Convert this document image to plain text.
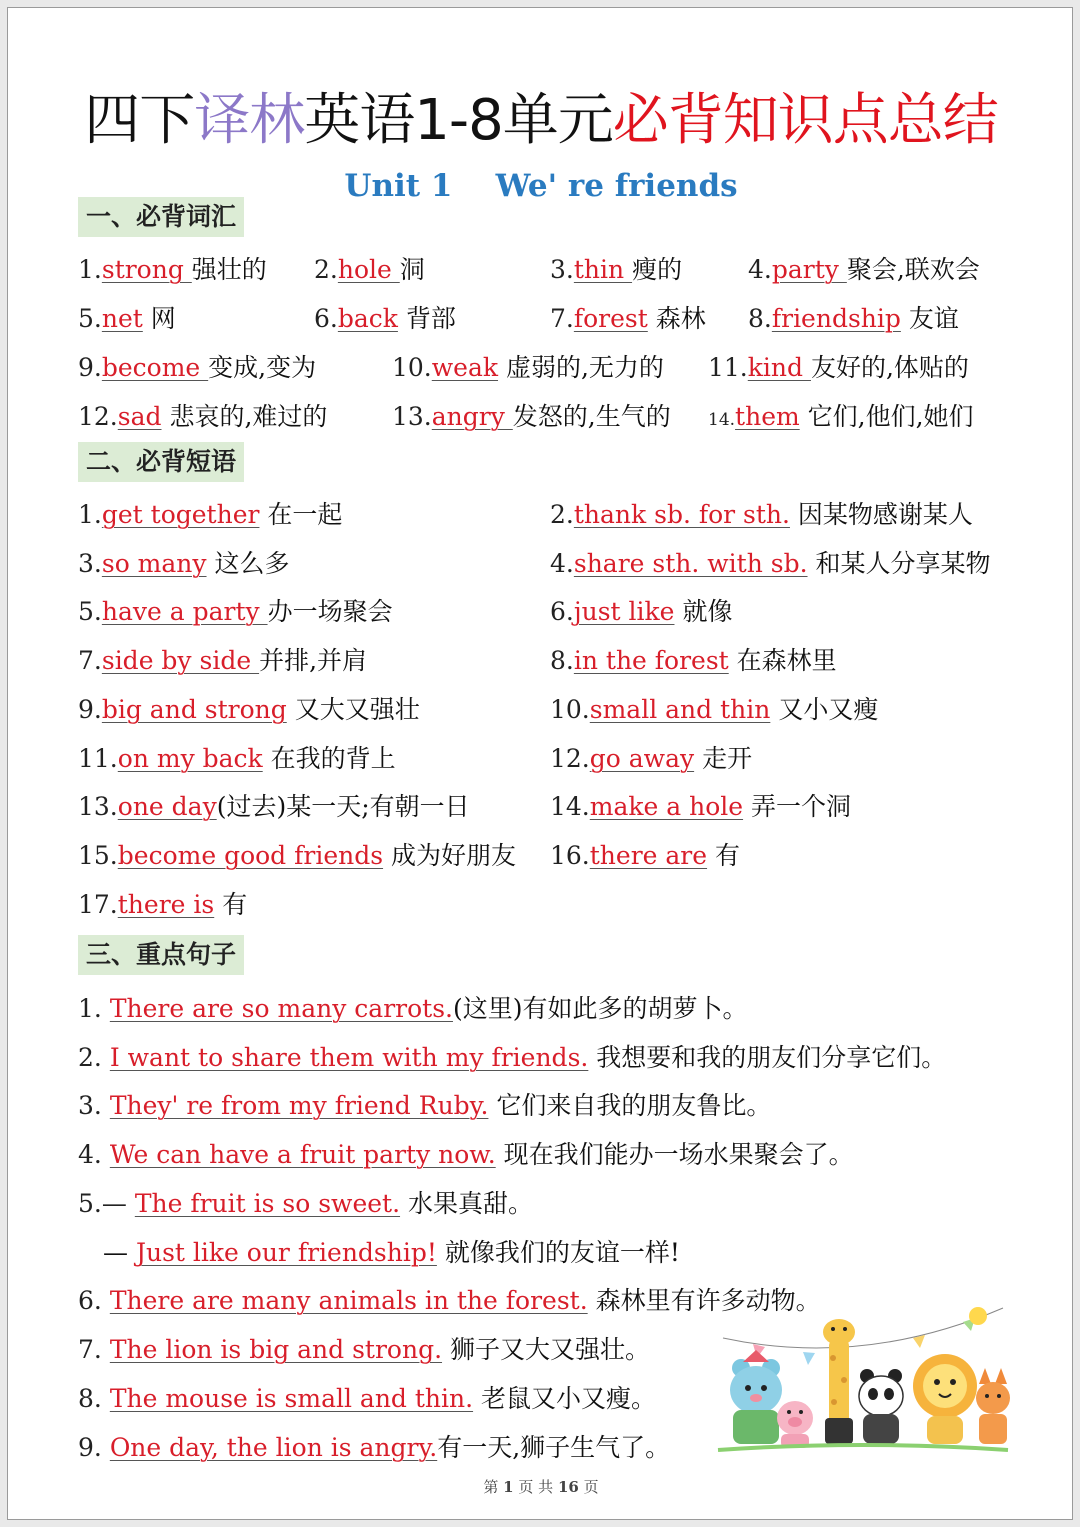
四下译林英语1-8单元必背知识点总结
Unit 1    We' re friends
一、必背词汇
1.strong 强壮的 2.hole 洞	3.thin 瘦的	4.party 聚会,联欢会
5.net 网	6.back 背部	7.forest 森林 8.friendship 友谊
9.become 变成,变为	10.weak 虚弱的,无力的 11.kind 友好的,体贴的
12.sad 悲哀的,难过的	13.angry 发怒的,生气的 14.them 它们,他们,她们
二、必背短语
1.get together 在一起	2.thank sb. for sth. 因某物感谢某人
3.so many 这么多	4.share sth. with sb. 和某人分享某物
5.have a party 办一场聚会	6.just like 就像
7.side by side 并排,并肩	8.in the forest 在森林里
9.big and strong 又大又强壮	10.small and thin 又小又瘦
11.on my back 在我的背上	12.go away 走开
13.one day(过去)某一天;有朝一日	14.make a hole 弄一个洞
15.become good friends 成为好朋友 16.there are 有
17.there is 有
三、重点句子
1. There are so many carrots.(这里)有如此多的胡萝卜。
2. I want to share them with my friends. 我想要和我的朋友们分享它们。
3. They' re from my friend Ruby. 它们来自我的朋友鲁比。
4. We can have a fruit party now. 现在我们能办一场水果聚会了。
5.— The fruit is so sweet. 水果真甜。
— Just like our friendship! 就像我们的友谊一样!
6. There are many animals in the forest. 森林里有许多动物。
7. The lion is big and strong. 狮子又大又强壮。
8. The mouse is small and thin. 老鼠又小又瘦。
9. One day, the lion is angry.有一天,狮子生气了。
第 1 页 共 16 页
